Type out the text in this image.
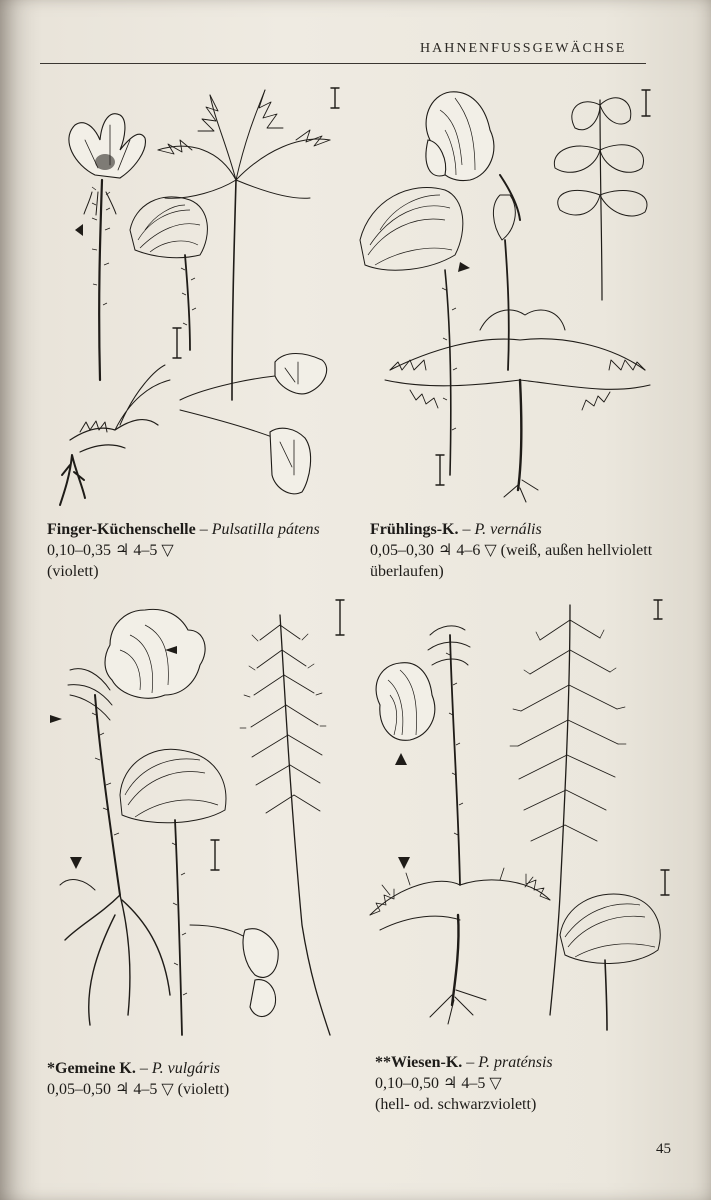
HAHNENFUSSGEWÄCHSE
Finger-Küchenschelle – Pulsatilla pátens 0,10–0,35 ♃ 4–5 ▽
(violett)
Frühlings-K. – P. vernális
0,05–0,30 ♃ 4–6 ▽ (weiß, außen hellviolett überlaufen)
*Gemeine K. – P. vulgáris
0,05–0,50 ♃ 4–5 ▽ (violett)
**Wiesen-K. – P. praténsis
0,10–0,50 ♃ 4–5 ▽
(hell- od. schwarzviolett)
45
